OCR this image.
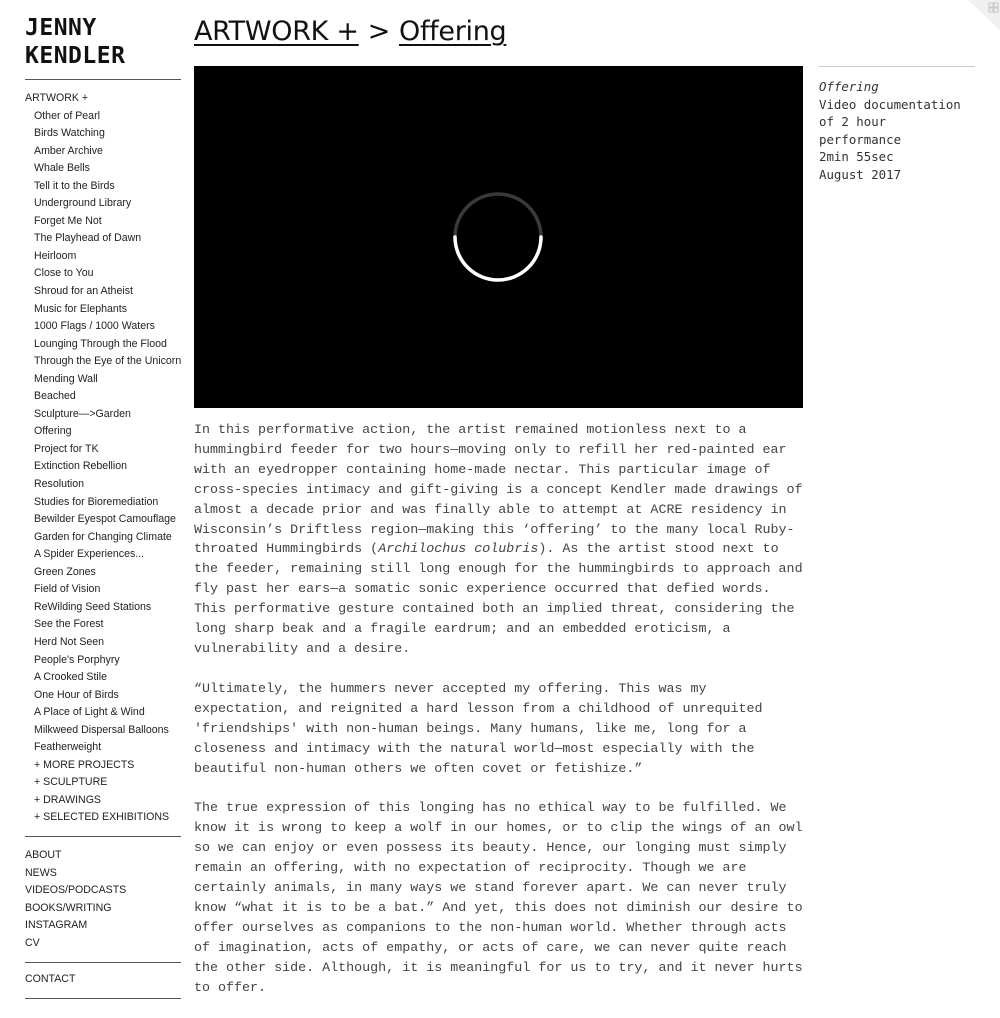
JENNY
KENDLER
ARTWORK +
Other of Pearl
Birds Watching
Amber Archive
Whale Bells
Tell it to the Birds
Underground Library
Forget Me Not
The Playhead of Dawn
Heirloom
Close to You
Shroud for an Atheist
Music for Elephants
1000 Flags / 1000 Waters
Lounging Through the Flood
Through the Eye of the Unicorn
Mending Wall
Beached
Sculpture—>Garden
Offering
Project for TK
Extinction Rebellion
Resolution
Studies for Bioremediation
Bewilder Eyespot Camouflage
Garden for Changing Climate
A Spider Experiences...
Green Zones
Field of Vision
ReWilding Seed Stations
See the Forest
Herd Not Seen
People's Porphyry
A Crooked Stile
One Hour of Birds
A Place of Light & Wind
Milkweed Dispersal Balloons
Featherweight
+ MORE PROJECTS
+ SCULPTURE
+ DRAWINGS
+ SELECTED EXHIBITIONS
ABOUT
NEWS
VIDEOS/PODCASTS
BOOKS/WRITING
INSTAGRAM
CV
CONTACT
ARTWORK + > Offering
Offering
Video documentation
of 2 hour
performance
2min 55sec
August 2017

In this performative action, the artist remained motionless next to a
hummingbird feeder for two hours—moving only to refill her red-painted ear
with an eyedropper containing home-made nectar. This particular image of
cross-species intimacy and gift-giving is a concept Kendler made drawings of
almost a decade prior and was finally able to attempt at ACRE residency in
Wisconsin’s Driftless region—making this ‘offering’ to the many local Ruby-
throated Hummingbirds (Archilochus colubris). As the artist stood next to
the feeder, remaining still long enough for the hummingbirds to approach and
fly past her ears—a somatic sonic experience occurred that defied words.
This performative gesture contained both an implied threat, considering the
long sharp beak and a fragile eardrum; and an embedded eroticism, a
vulnerability and a desire.

“Ultimately, the hummers never accepted my offering. This was my
expectation, and reignited a hard lesson from a childhood of unrequited
'friendships' with non-human beings. Many humans, like me, long for a
closeness and intimacy with the natural world—most especially with the
beautiful non-human others we often covet or fetishize.”

The true expression of this longing has no ethical way to be fulfilled. We
know it is wrong to keep a wolf in our homes, or to clip the wings of an owl
so we can enjoy or even possess its beauty. Hence, our longing must simply
remain an offering, with no expectation of reciprocity. Though we are
certainly animals, in many ways we stand forever apart. We can never truly
know “what it is to be a bat.” And yet, this does not diminish our desire to
offer ourselves as companions to the non-human world. Whether through acts
of imagination, acts of empathy, or acts of care, we can never quite reach
the other side. Although, it is meaningful for us to try, and it never hurts
to offer.
